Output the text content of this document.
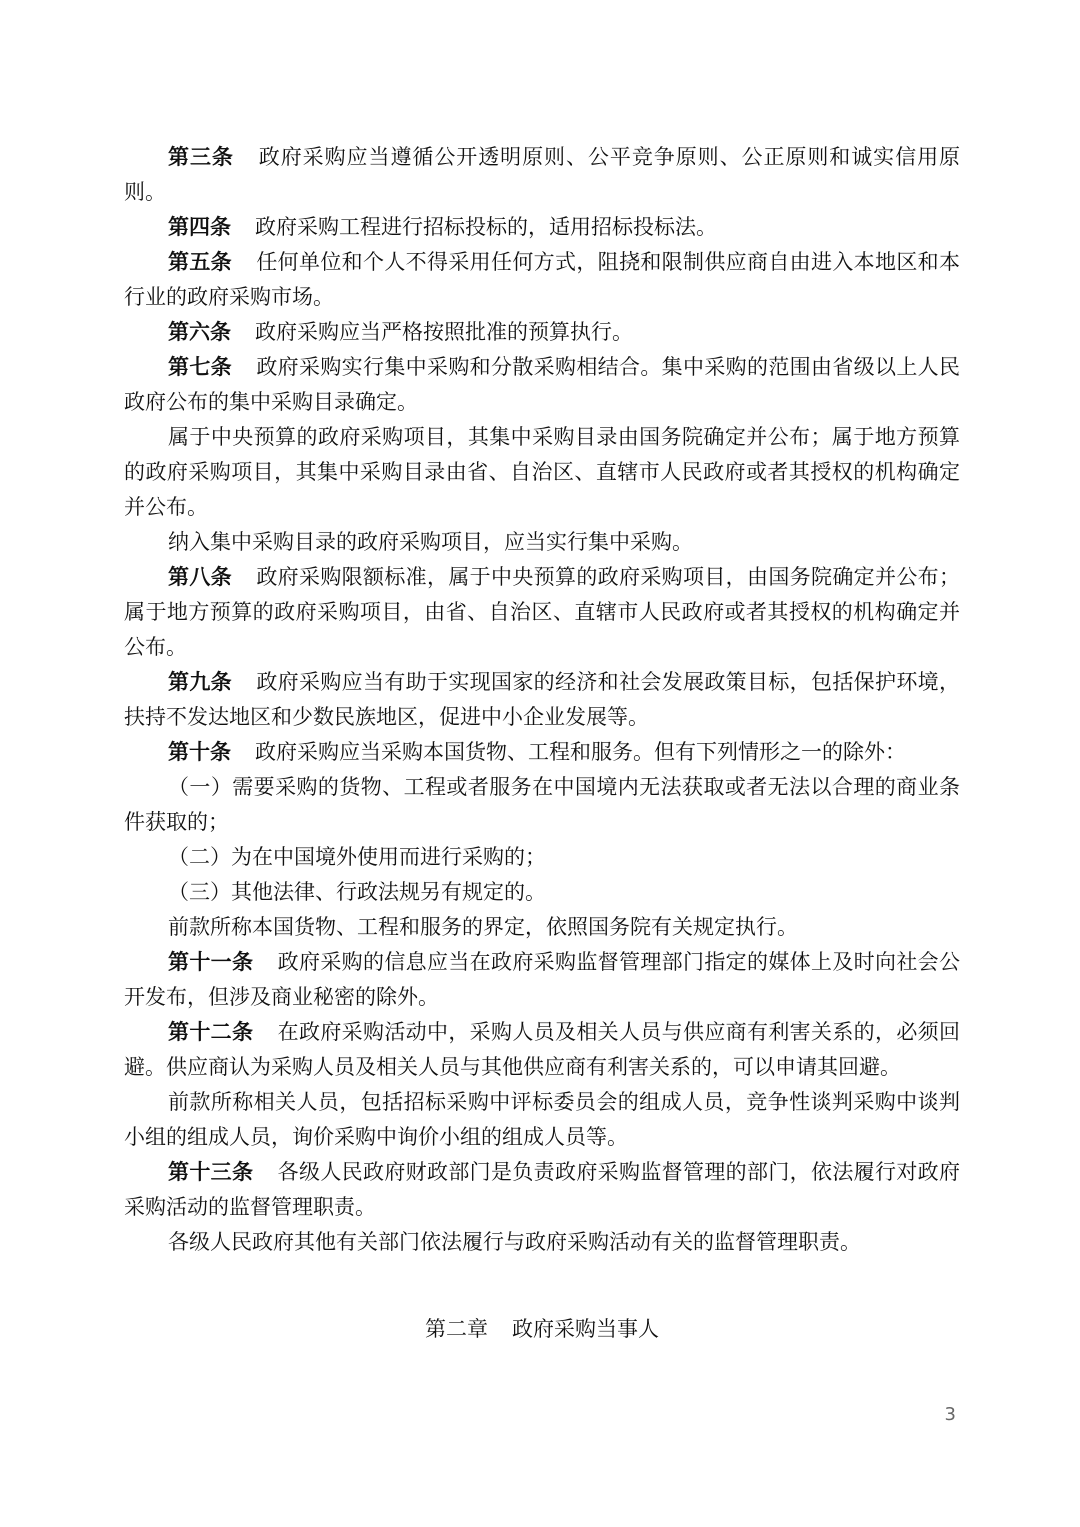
第三条 政府采购应当遵循公开透明原则、公平竞争原则、公正原则和诚实信用原则。

第四条 政府采购工程进行招标投标的，适用招标投标法。

第五条 任何单位和个人不得采用任何方式，阻挠和限制供应商自由进入本地区和本行业的政府采购市场。

第六条 政府采购应当严格按照批准的预算执行。

第七条 政府采购实行集中采购和分散采购相结合。集中采购的范围由省级以上人民政府公布的集中采购目录确定。

属于中央预算的政府采购项目，其集中采购目录由国务院确定并公布；属于地方预算的政府采购项目，其集中采购目录由省、自治区、直辖市人民政府或者其授权的机构确定并公布。

纳入集中采购目录的政府采购项目，应当实行集中采购。

第八条 政府采购限额标准，属于中央预算的政府采购项目，由国务院确定并公布；属于地方预算的政府采购项目，由省、自治区、直辖市人民政府或者其授权的机构确定并公布。

第九条 政府采购应当有助于实现国家的经济和社会发展政策目标，包括保护环境，扶持不发达地区和少数民族地区，促进中小企业发展等。

第十条 政府采购应当采购本国货物、工程和服务。但有下列情形之一的除外：

（一）需要采购的货物、工程或者服务在中国境内无法获取或者无法以合理的商业条件获取的；

（二）为在中国境外使用而进行采购的；

（三）其他法律、行政法规另有规定的。

前款所称本国货物、工程和服务的界定，依照国务院有关规定执行。

第十一条 政府采购的信息应当在政府采购监督管理部门指定的媒体上及时向社会公开发布，但涉及商业秘密的除外。

第十二条 在政府采购活动中，采购人员及相关人员与供应商有利害关系的，必须回避。供应商认为采购人员及相关人员与其他供应商有利害关系的，可以申请其回避。

前款所称相关人员，包括招标采购中评标委员会的组成人员，竞争性谈判采购中谈判小组的组成人员，询价采购中询价小组的组成人员等。

第十三条 各级人民政府财政部门是负责政府采购监督管理的部门，依法履行对政府采购活动的监督管理职责。

各级人民政府其他有关部门依法履行与政府采购活动有关的监督管理职责。

第二章 政府采购当事人
3
